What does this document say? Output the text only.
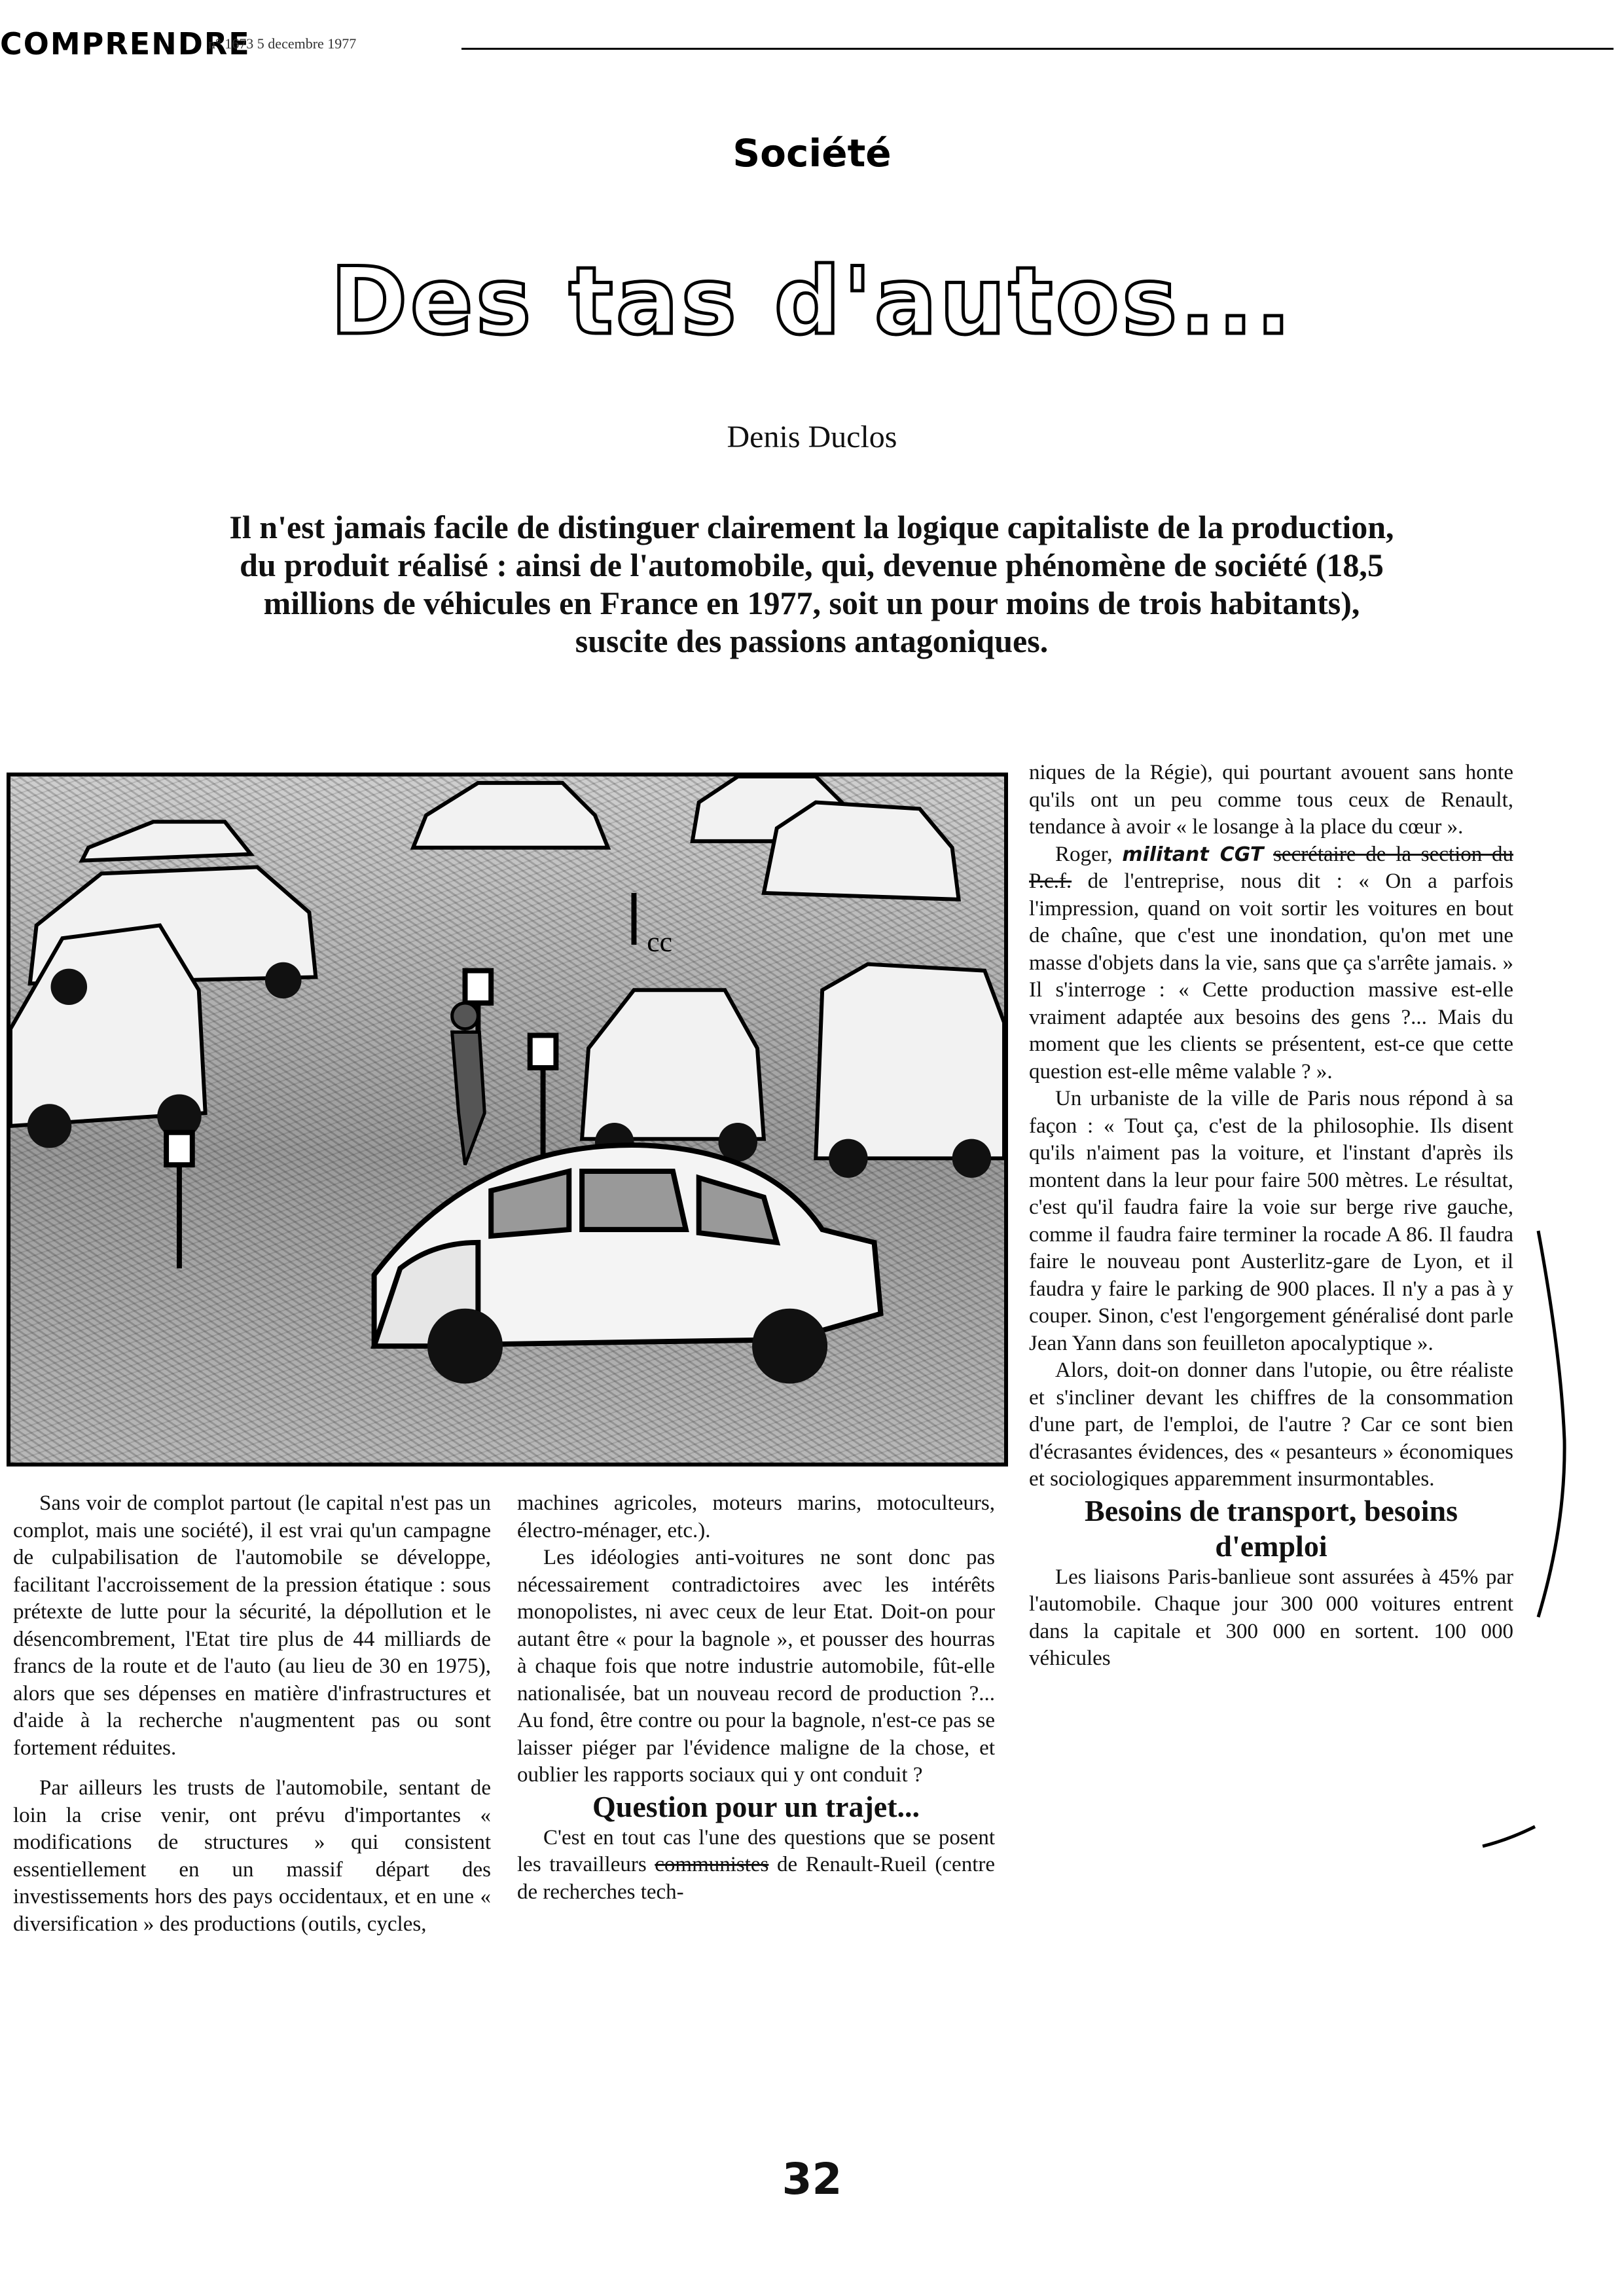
COMPRENDRE
n° 1673 5 decembre 1977
Société
Des tas d'autos...
Denis Duclos
Il n'est jamais facile de distinguer clairement la logique capitaliste de la production, du produit réalisé : ainsi de l'automobile, qui, devenue phénomène de société (18,5 millions de véhicules en France en 1977, soit un pour moins de trois habitants), suscite des passions antagoniques.
cc

Sans voir de complot partout (le capital n'est pas un complot, mais une société), il est vrai qu'un campagne de culpabilisation de l'automobile se développe, facilitant l'accroissement de la pression étatique : sous prétexte de lutte pour la sécurité, la dépollution et le désencombrement, l'Etat tire plus de 44 milliards de francs de la route et de l'auto (au lieu de 30 en 1975), alors que ses dépenses en matière d'infrastructures et d'aide à la recherche n'augmentent pas ou sont fortement réduites.

Par ailleurs les trusts de l'automobile, sentant de loin la crise venir, ont prévu d'importantes « modifications de structures » qui consistent essentiellement en un massif départ des investissements hors des pays occidentaux, et en une « diversification » des productions (outils, cycles,

machines agricoles, moteurs marins, motoculteurs, électro-ménager, etc.).

Les idéologies anti-voitures ne sont donc pas nécessairement contradictoires avec les intérêts monopolistes, ni avec ceux de leur Etat. Doit-on pour autant être « pour la bagnole », et pousser des hourras à chaque fois que notre industrie automobile, fût-elle nationalisée, bat un nouveau record de production ?... Au fond, être contre ou pour la bagnole, n'est-ce pas se laisser piéger par l'évidence maligne de la chose, et oublier les rapports sociaux qui y ont conduit ?

Question pour un trajet...

C'est en tout cas l'une des questions que se posent les travailleurs communistes de Renault-Rueil (centre de recherches tech-

niques de la Régie), qui pourtant avouent sans honte qu'ils ont un peu comme tous ceux de Renault, tendance à avoir « le losange à la place du cœur ».

Roger, militant CGT secrétaire de la section du P.c.f. de l'entreprise, nous dit : « On a parfois l'impression, quand on voit sortir les voitures en bout de chaîne, que c'est une inondation, qu'on met une masse d'objets dans la vie, sans que ça s'arrête jamais. » Il s'interroge : « Cette production massive est-elle vraiment adaptée aux besoins des gens ?... Mais du moment que les clients se présentent, est-ce que cette question est-elle même valable ? ».

Un urbaniste de la ville de Paris nous répond à sa façon : « Tout ça, c'est de la philosophie. Ils disent qu'ils n'aiment pas la voiture, et l'instant d'après ils montent dans la leur pour faire 500 mètres. Le résultat, c'est qu'il faudra faire la voie sur berge rive gauche, comme il faudra faire terminer la rocade A 86. Il faudra faire le nouveau pont Austerlitz-gare de Lyon, et il faudra y faire le parking de 900 places. Il n'y a pas à y couper. Sinon, c'est l'engorgement généralisé dont parle Jean Yann dans son feuilleton apocalyptique ».

Alors, doit-on donner dans l'utopie, ou être réaliste et s'incliner devant les chiffres de la consommation d'une part, de l'emploi, de l'autre ? Car ce sont bien d'écrasantes évidences, des « pesanteurs » économiques et sociologiques apparemment insurmontables.

Besoins de transport, besoins d'emploi

Les liaisons Paris-banlieue sont assurées à 45% par l'automobile. Chaque jour 300 000 voitures entrent dans la capitale et 300 000 en sortent. 100 000 véhicules

32
